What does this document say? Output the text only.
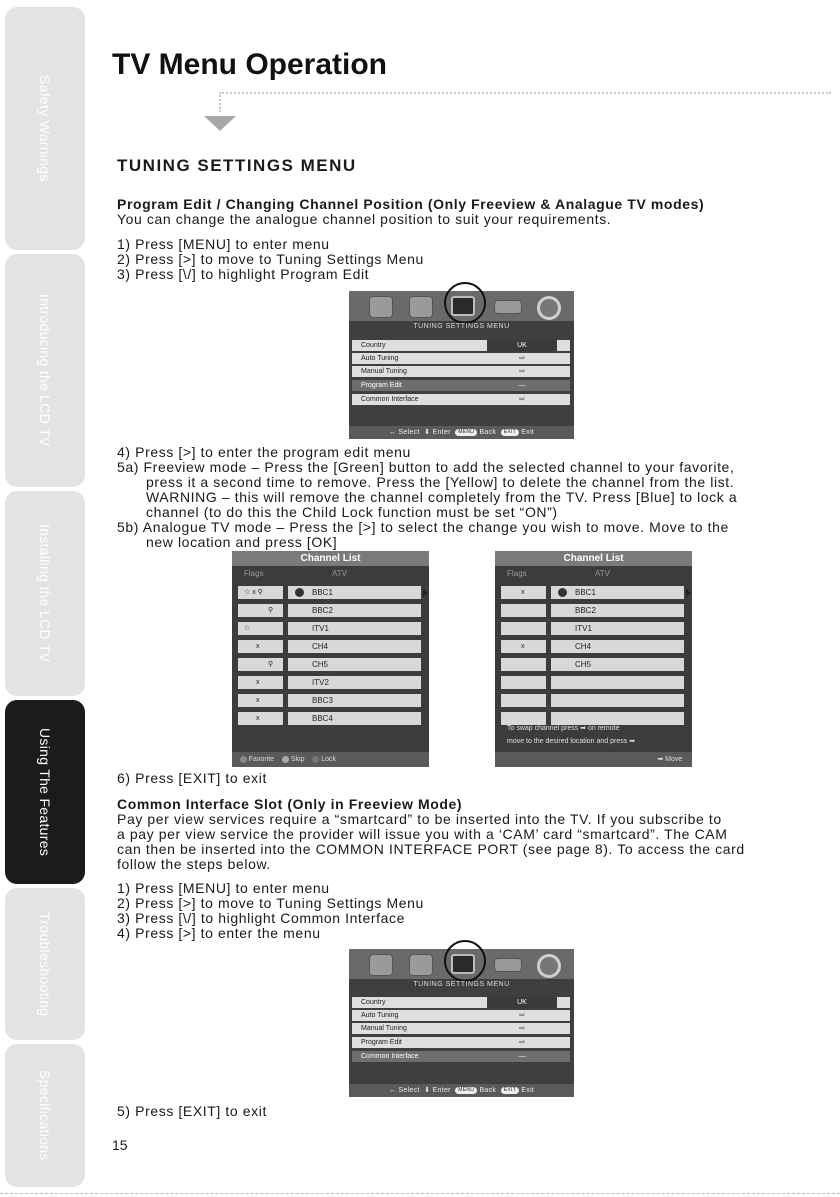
Safety Warnings
Introducing the LCD TV
Installing the LCD TV
Using The Features
Troubleshooting
Specifications
TV Menu Operation
TUNING SETTINGS MENU
Program Edit / Changing Channel Position (Only Freeview & Analague TV modes)
You can change the analogue channel position to suit your requirements.
1) Press [MENU] to enter menu
2) Press [>] to move to Tuning Settings Menu
3) Press [\/] to highlight Program Edit
TUNING SETTINGS MENU
Country	UK
Auto Tuning	⇨
Manual Tuning	⇨
Program Edit	—
Common Interface	⇨
↔ Select  ⬇ Enter MENU Back EXIT Exit
4) Press [>] to enter the program edit menu
5a) Freeview mode – Press the [Green] button to add the selected channel to your favorite,
press it a second time to remove. Press the [Yellow] to delete the channel from the list.
WARNING – this will remove the channel completely from the TV. Press [Blue] to lock a
channel (to do this the Child Lock function must be set “ON”)
5b) Analogue TV mode – Press the [>] to select the change you wish to move. Move to the
new location and press [OK]
Channel List
Flags	ATV
☆ x ⚲	BBC1
⚲	BBC2
☆	ITV1
x	CH4
⚲	CH5
x	ITV2
x	BBC3
x	BBC4
Favorite Skip Lock
Channel List
Flags	ATV
x	BBC1
BBC2
ITV1
x	CH4
CH5
To swap channel press ➡ on remote
move to the desired location and press ➡
➡ Move
6) Press [EXIT] to exit
Common Interface Slot (Only in Freeview Mode)
Pay per view services require a “smartcard” to be inserted into the TV. If you subscribe to
a pay per view service the provider will issue you with a ‘CAM’ card “smartcard”. The CAM
can then be inserted into the COMMON INTERFACE PORT (see page 8). To access the card
follow the steps below.
1) Press [MENU] to enter menu
2) Press [>] to move to Tuning Settings Menu
3) Press [\/] to highlight Common Interface
4) Press [>] to enter the menu
TUNING SETTINGS MENU
Country	UK
Auto Tuning	⇨
Manual Tuning	⇨
Program Edit	⇨
Common Interface	—
↔ Select  ⬇ Enter MENU Back EXIT Exit
5) Press [EXIT] to exit
15
